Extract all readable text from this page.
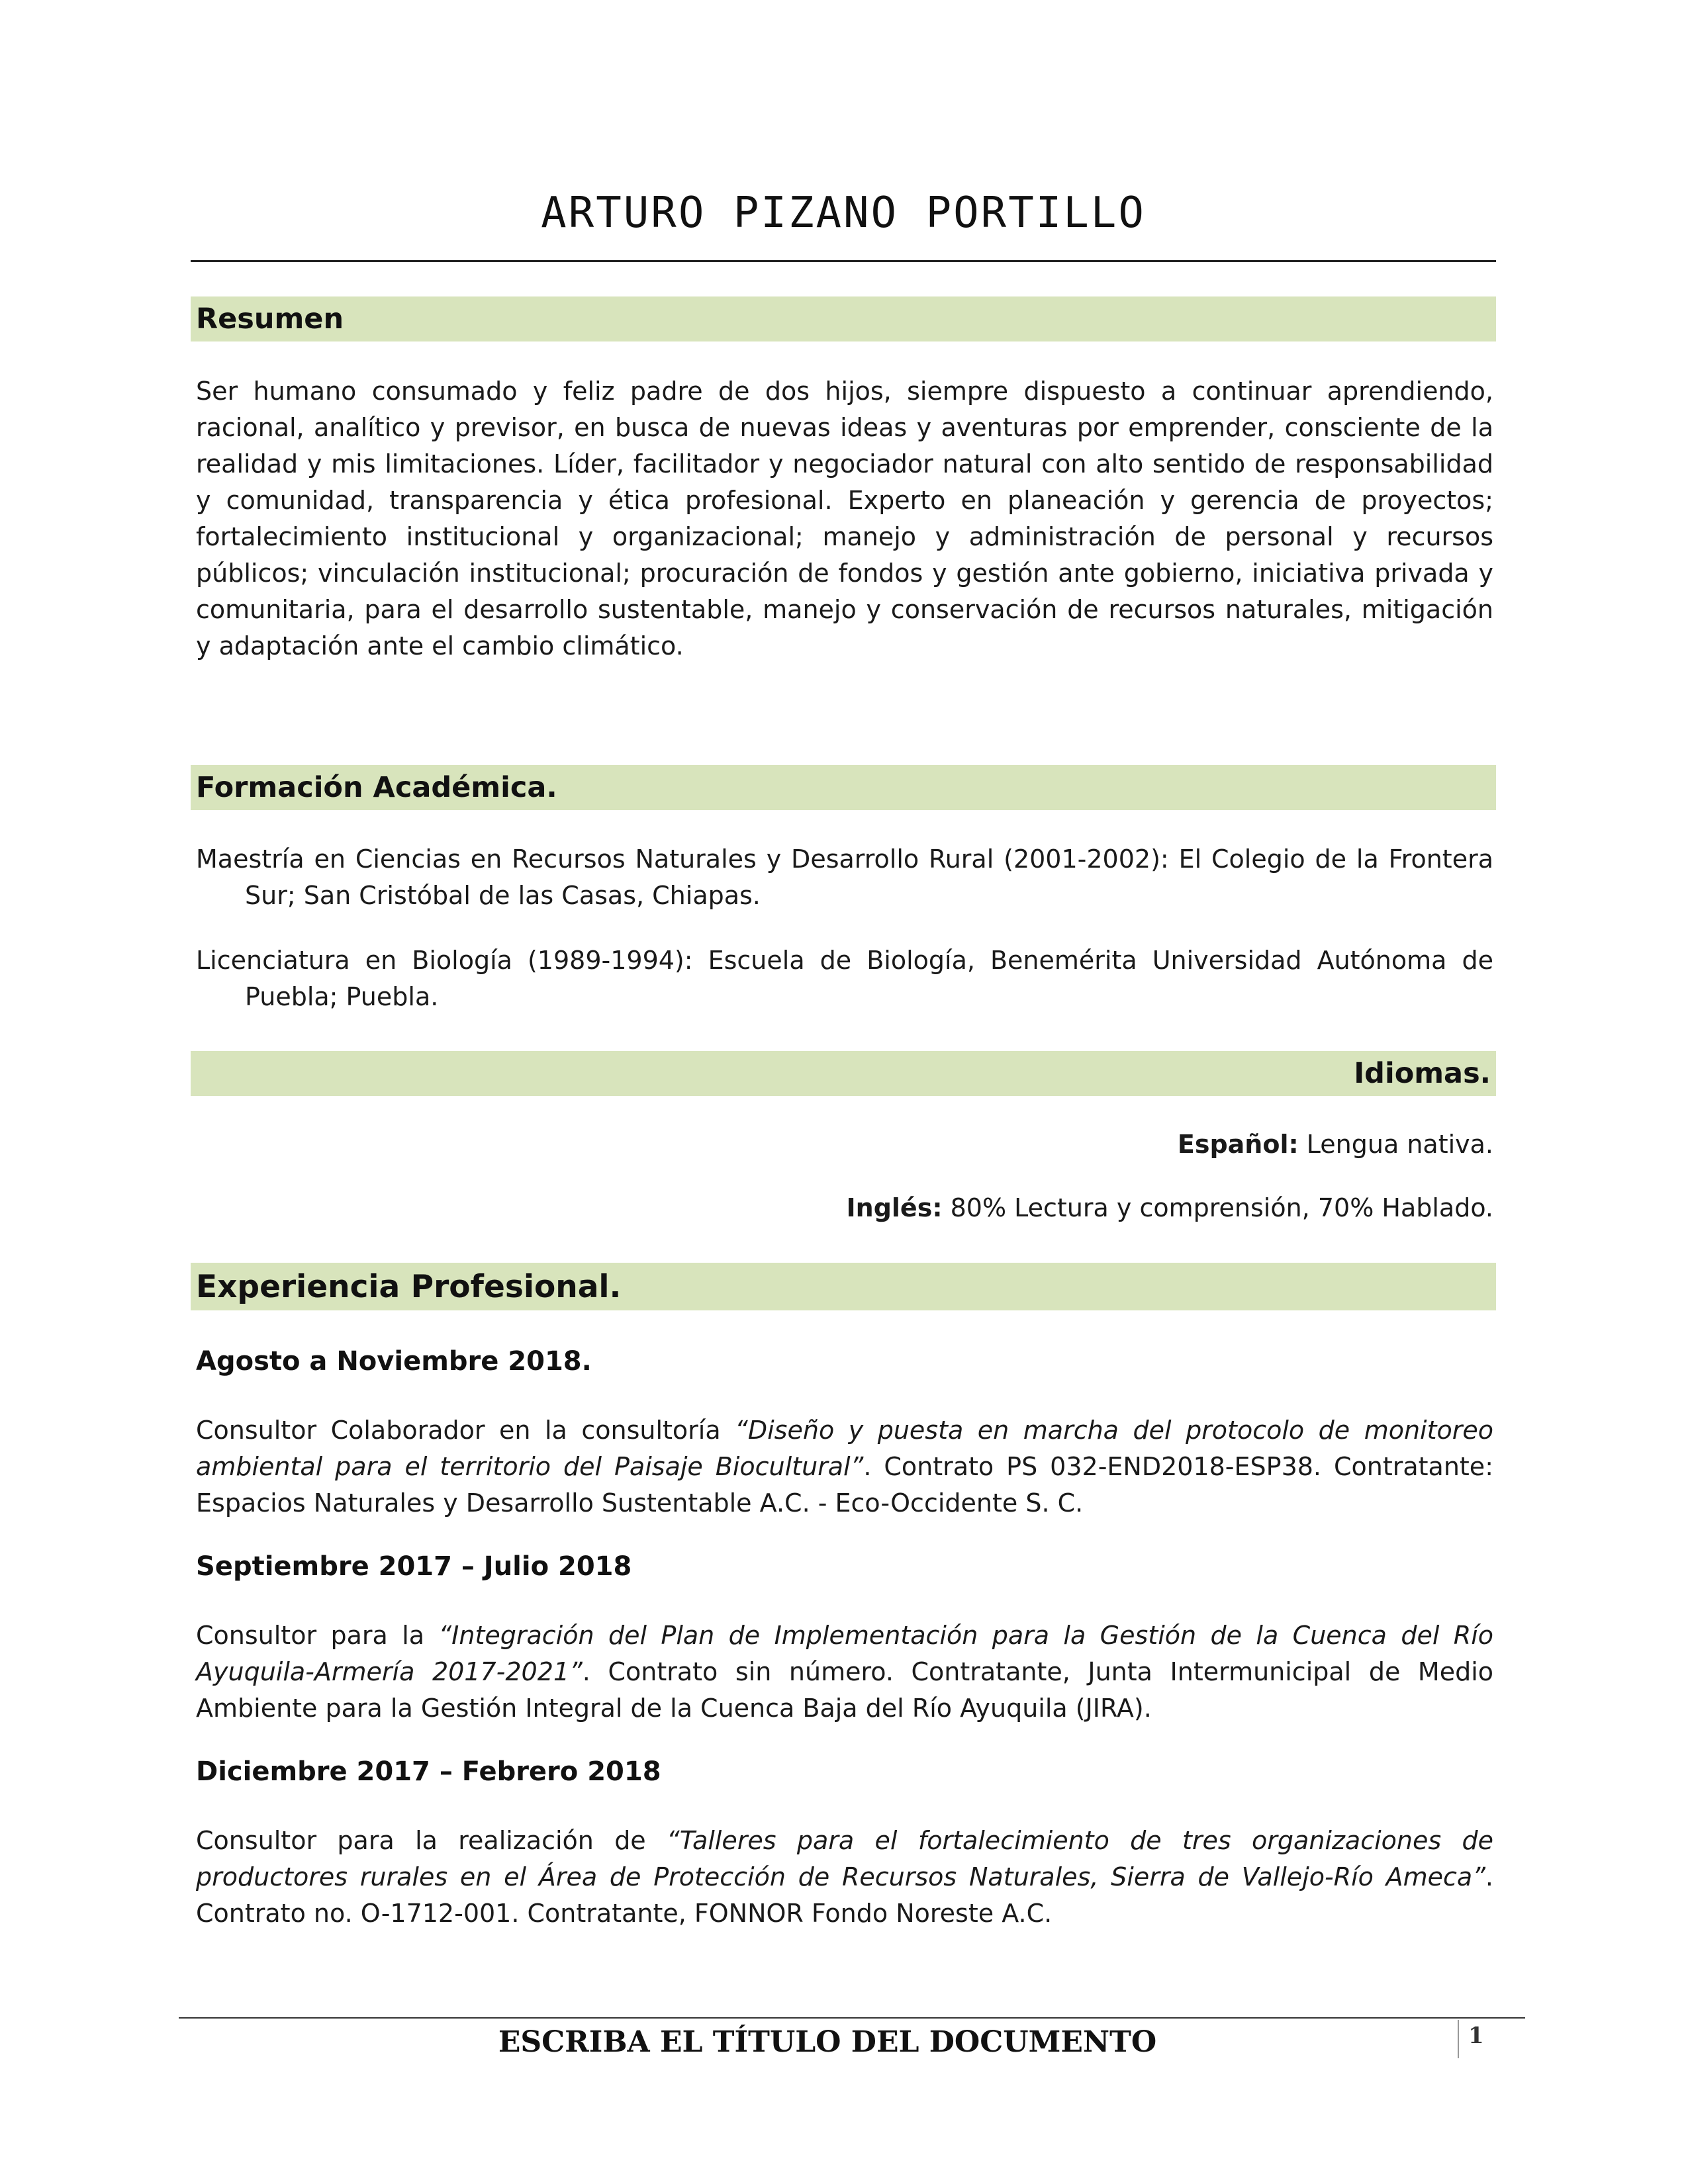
ARTURO PIZANO PORTILLO
Resumen
Ser humano consumado y feliz padre de dos hijos, siempre dispuesto a continuar aprendiendo, racional, analítico y previsor, en busca de nuevas ideas y aventuras por emprender, consciente de la realidad y mis limitaciones. Líder, facilitador y negociador natural con alto sentido de responsabilidad y comunidad, transparencia y ética profesional. Experto en planeación y gerencia de proyectos; fortalecimiento institucional y organizacional; manejo y administración de personal y recursos públicos; vinculación institucional; procuración de fondos y gestión ante gobierno, iniciativa privada y comunitaria, para el desarrollo sustentable, manejo y conservación de recursos naturales, mitigación y adaptación ante el cambio climático.
Formación Académica.
Maestría en Ciencias en Recursos Naturales y Desarrollo Rural (2001-2002): El Colegio de la Frontera Sur; San Cristóbal de las Casas, Chiapas.
Licenciatura en Biología (1989-1994): Escuela de Biología, Benemérita Universidad Autónoma de Puebla; Puebla.
Idiomas.
Español: Lengua nativa.
Inglés: 80% Lectura y comprensión, 70% Hablado.
Experiencia Profesional.
Agosto a Noviembre 2018.
Consultor Colaborador en la consultoría “Diseño y puesta en marcha del protocolo de monitoreo ambiental para el territorio del Paisaje Biocultural”. Contrato PS 032-END2018-ESP38. Contratante: Espacios Naturales y Desarrollo Sustentable A.C. - Eco-Occidente S. C.
Septiembre 2017 – Julio 2018
Consultor para la “Integración del Plan de Implementación para la Gestión de la Cuenca del Río Ayuquila-Armería 2017-2021”. Contrato sin número. Contratante, Junta Intermunicipal de Medio Ambiente para la Gestión Integral de la Cuenca Baja del Río Ayuquila (JIRA).
Diciembre 2017 – Febrero 2018
Consultor para la realización de “Talleres para el fortalecimiento de tres organizaciones de productores rurales en el Área de Protección de Recursos Naturales, Sierra de Vallejo-Río Ameca”. Contrato no. O-1712-001. Contratante, FONNOR Fondo Noreste A.C.
ESCRIBA EL TÍTULO DEL DOCUMENTO	1
